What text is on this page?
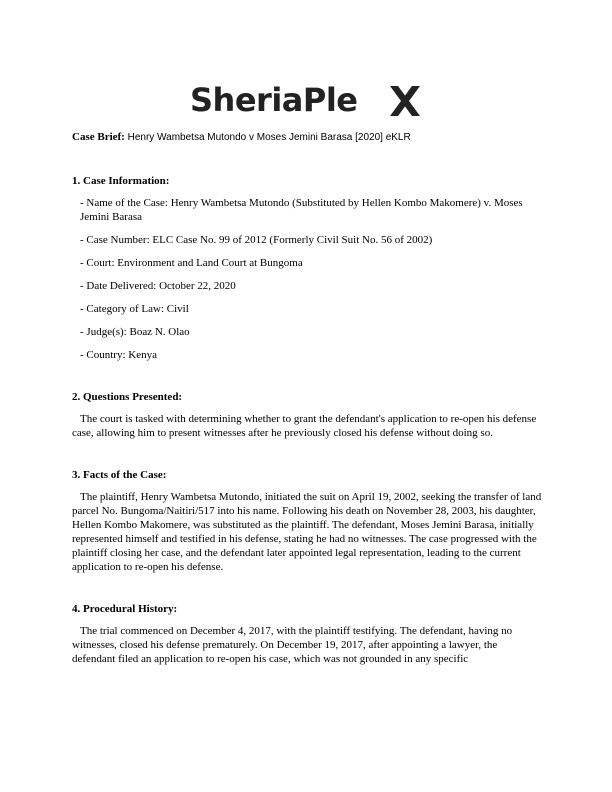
SheriaPle
Case Brief: Henry Wambetsa Mutondo v Moses Jemini Barasa [2020] eKLR

1. Case Information:

- Name of the Case: Henry Wambetsa Mutondo (Substituted by Hellen Kombo Makomere) v. Moses Jemini Barasa

- Case Number: ELC Case No. 99 of 2012 (Formerly Civil Suit No. 56 of 2002)

- Court: Environment and Land Court at Bungoma

- Date Delivered: October 22, 2020

- Category of Law: Civil

- Judge(s): Boaz N. Olao

- Country: Kenya

2. Questions Presented:

The court is tasked with determining whether to grant the defendant's application to re-open his defense case, allowing him to present witnesses after he previously closed his defense without doing so.

3. Facts of the Case:

The plaintiff, Henry Wambetsa Mutondo, initiated the suit on April 19, 2002, seeking the transfer of land parcel No. Bungoma/Naitiri/517 into his name. Following his death on November 28, 2003, his daughter, Hellen Kombo Makomere, was substituted as the plaintiff. The defendant, Moses Jemini Barasa, initially represented himself and testified in his defense, stating he had no witnesses. The case progressed with the plaintiff closing her case, and the defendant later appointed legal representation, leading to the current application to re-open his defense.

4. Procedural History:

The trial commenced on December 4, 2017, with the plaintiff testifying. The defendant, having no witnesses, closed his defense prematurely. On December 19, 2017, after appointing a lawyer, the defendant filed an application to re-open his case, which was not grounded in any specific
